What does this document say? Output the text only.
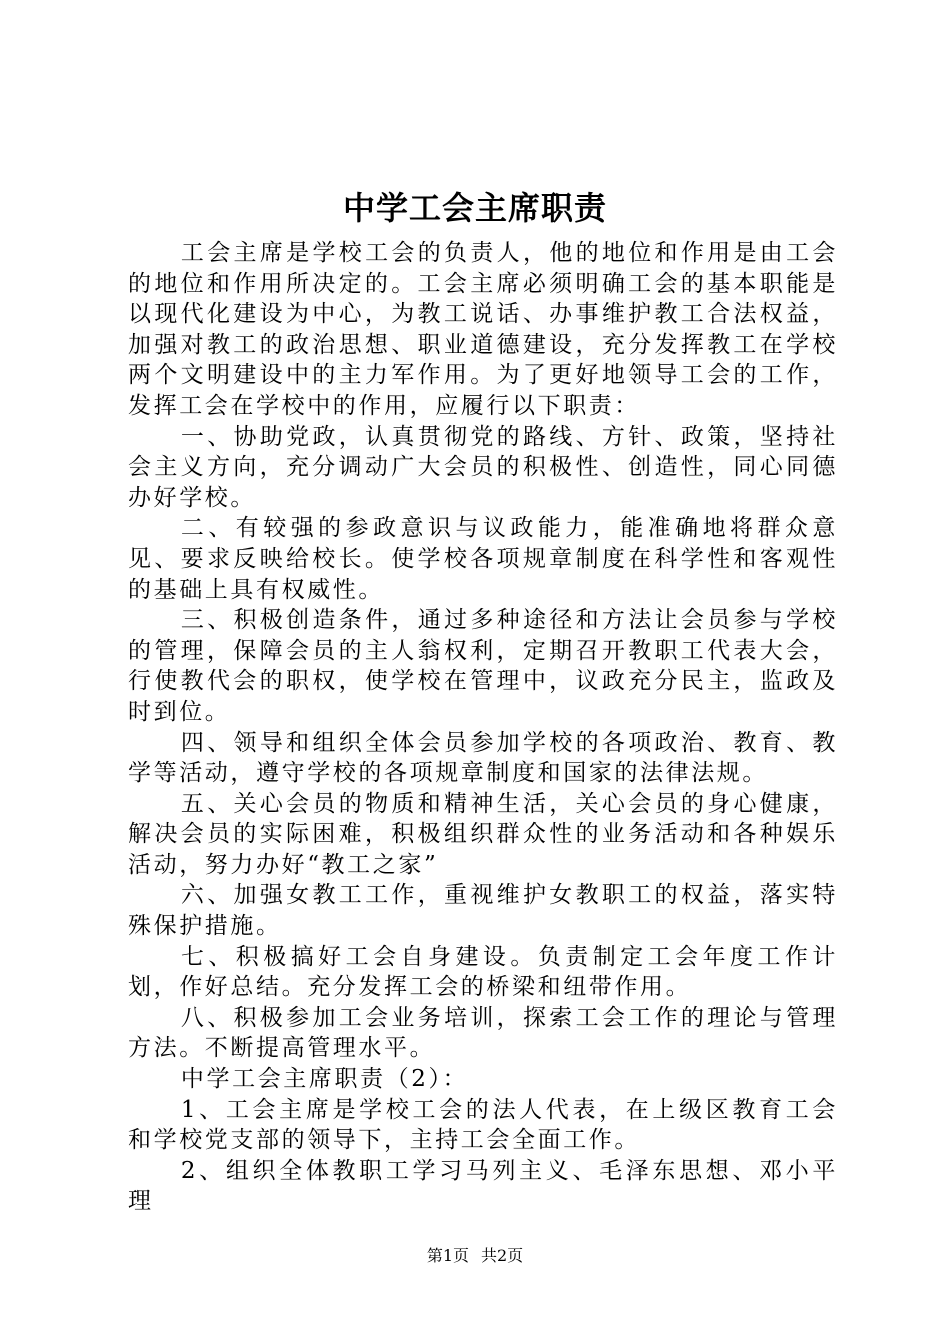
中学工会主席职责

工会主席是学校工会的负责人，他的地位和作用是由工会的地位和作用所决定的。工会主席必须明确工会的基本职能是以现代化建设为中心，为教工说话、办事维护教工合法权益，加强对教工的政治思想、职业道德建设，充分发挥教工在学校两个文明建设中的主力军作用。为了更好地领导工会的工作，发挥工会在学校中的作用，应履行以下职责：

一、协助党政，认真贯彻党的路线、方针、政策，坚持社会主义方向，充分调动广大会员的积极性、创造性，同心同德办好学校。

二、有较强的参政意识与议政能力，能准确地将群众意见、要求反映给校长。使学校各项规章制度在科学性和客观性的基础上具有权威性。

三、积极创造条件，通过多种途径和方法让会员参与学校的管理，保障会员的主人翁权利，定期召开教职工代表大会，行使教代会的职权，使学校在管理中，议政充分民主，监政及时到位。

四、领导和组织全体会员参加学校的各项政治、教育、教学等活动，遵守学校的各项规章制度和国家的法律法规。

五、关心会员的物质和精神生活，关心会员的身心健康，解决会员的实际困难，积极组织群众性的业务活动和各种娱乐活动，努力办好“教工之家”

六、加强女教工工作，重视维护女教职工的权益，落实特殊保护措施。

七、积极搞好工会自身建设。负责制定工会年度工作计划，作好总结。充分发挥工会的桥梁和纽带作用。

八、积极参加工会业务培训，探索工会工作的理论与管理方法。不断提高管理水平。

中学工会主席职责（2）：

1、工会主席是学校工会的法人代表，在上级区教育工会和学校党支部的领导下，主持工会全面工作。

2、组织全体教职工学习马列主义、毛泽东思想、邓小平理

第1页 共2页
